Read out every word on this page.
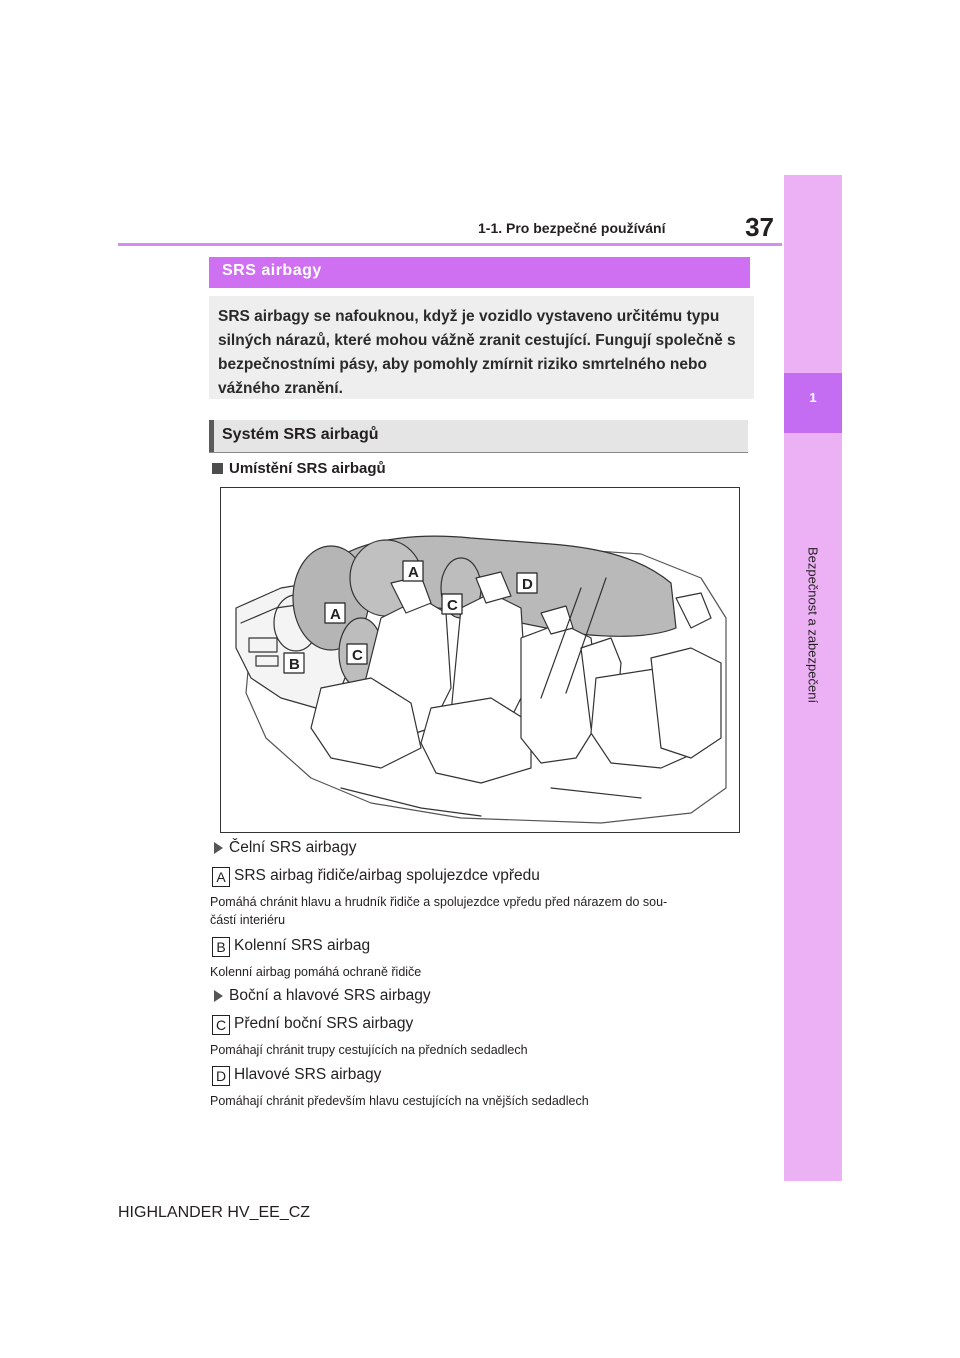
1-1. Pro bezpečné používání	37
1
Bezpečnost a zabezpečení
SRS airbagy
SRS airbagy se nafouknou, když je vozidlo vystaveno určitému typu silných nárazů, které mohou vážně zranit cestující. Fungují společně s bezpečnostními pásy, aby pomohly zmírnit riziko smrtelného nebo vážného zranění.
Systém SRS airbagů
Umístění SRS airbagů
A
D
C
A
C
B
Čelní SRS airbagy
A SRS airbag řidiče/airbag spolujezdce vpředu
Pomáhá chránit hlavu a hrudník řidiče a spolujezdce vpředu před nárazem do sou-
částí interiéru
B Kolenní SRS airbag
Kolenní airbag pomáhá ochraně řidiče
Boční a hlavové SRS airbagy
C Přední boční SRS airbagy
Pomáhají chránit trupy cestujících na předních sedadlech
D Hlavové SRS airbagy
Pomáhají chránit především hlavu cestujících na vnějších sedadlech
HIGHLANDER HV_EE_CZ
